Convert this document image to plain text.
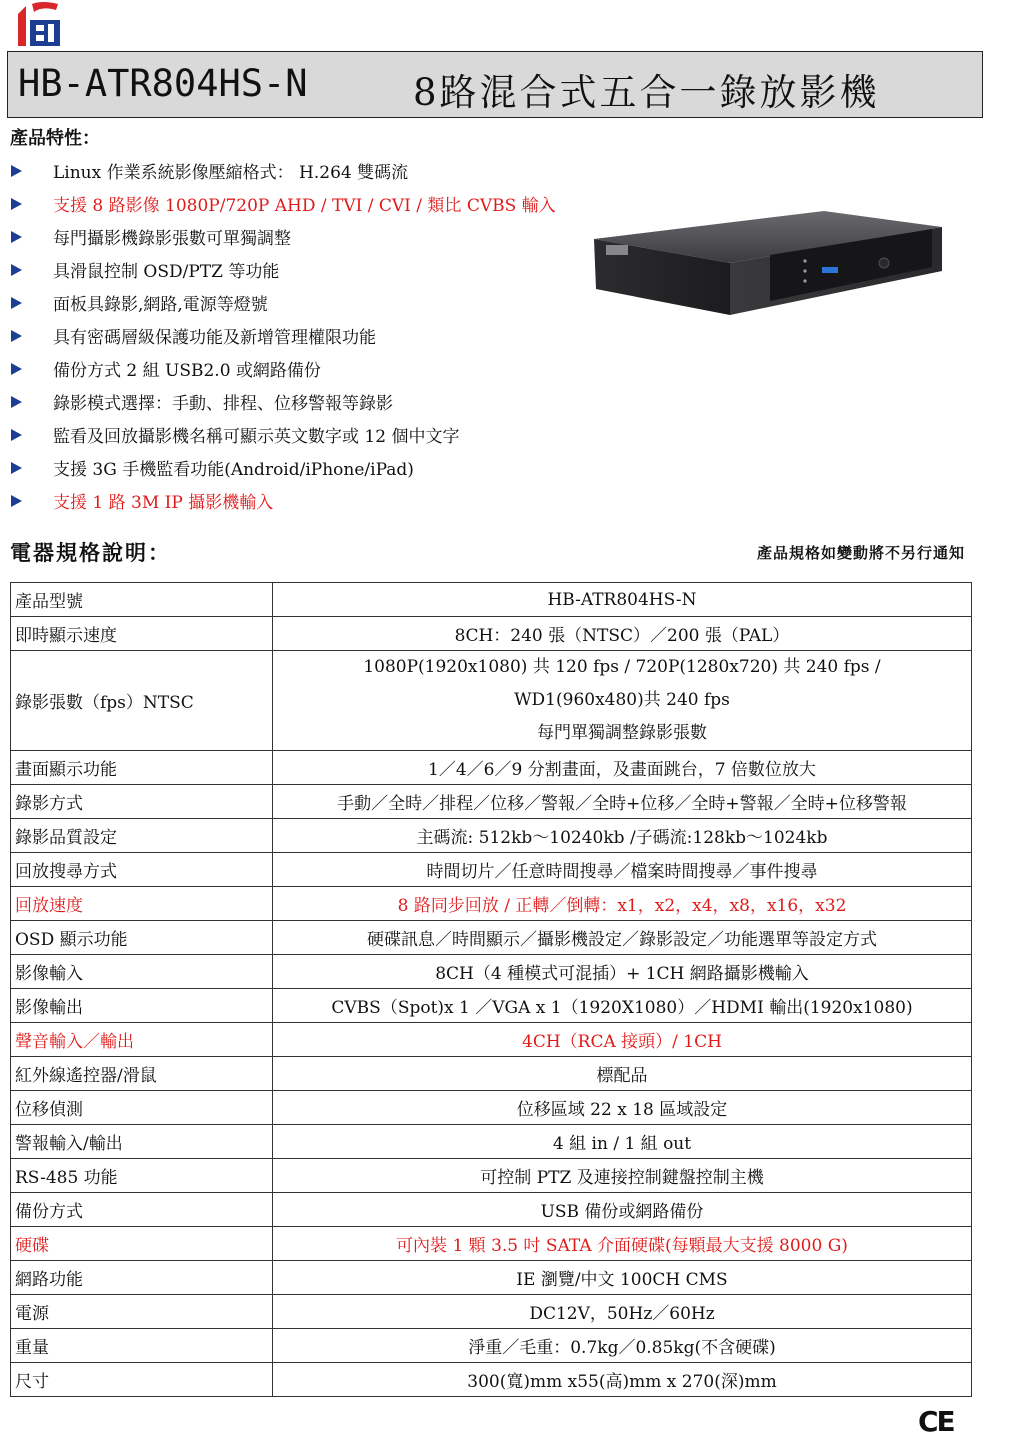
HB-ATR804HS-N	8路混合式五合一錄放影機
產品特性：
Linux 作業系統影像壓縮格式： H.264 雙碼流
支援 8 路影像 1080P/720P AHD / TVI / CVI / 類比 CVBS 輸入
每門攝影機錄影張數可單獨調整
具滑鼠控制 OSD/PTZ 等功能
面板具錄影,網路,電源等燈號
具有密碼層級保護功能及新增管理權限功能
備份方式 2 組 USB2.0 或網路備份
錄影模式選擇：手動、排程、位移警報等錄影
監看及回放攝影機名稱可顯示英文數字或 12 個中文字
支援 3G 手機監看功能(Android/iPhone/iPad)
支援 1 路 3M IP 攝影機輸入
電器規格說明：	產品規格如變動將不另行通知
產品型號	HB-ATR804HS-N
即時顯示速度	8CH：240 張（NTSC）／200 張（PAL）
錄影張數（fps）NTSC	1080P(1920x1080) 共 120 fps / 720P(1280x720) 共 240 fps /
WD1(960x480)共 240 fps
每門單獨調整錄影張數

畫面顯示功能	1／4／6／9 分割畫面，及畫面跳台，7 倍數位放大
錄影方式	手動／全時／排程／位移／警報／全時+位移／全時+警報／全時+位移警報
錄影品質設定	主碼流: 512kb～10240kb /子碼流:128kb～1024kb
回放搜尋方式	時間切片／任意時間搜尋／檔案時間搜尋／事件搜尋
回放速度	8 路同步回放 / 正轉／倒轉：x1，x2，x4，x8，x16，x32
OSD 顯示功能	硬碟訊息／時間顯示／攝影機設定／錄影設定／功能選單等設定方式
影像輸入	8CH（4 種模式可混插）+ 1CH 網路攝影機輸入
影像輸出	CVBS（Spot)x 1 ／VGA x 1（1920X1080）／HDMI 輸出(1920x1080)
聲音輸入／輸出	4CH（RCA 接頭）/ 1CH
紅外線遙控器/滑鼠	標配品
位移偵測	位移區域 22 x 18 區域設定
警報輸入/輸出	4 組 in / 1 組 out
RS-485 功能	可控制 PTZ 及連接控制鍵盤控制主機
備份方式	USB 備份或網路備份
硬碟	可內裝 1 顆 3.5 吋 SATA 介面硬碟(每顆最大支援 8000 G)
網路功能	IE 瀏覽/中文 100CH CMS
電源	DC12V，50Hz／60Hz
重量	淨重／毛重：0.7kg／0.85kg(不含硬碟)
尺寸	300(寬)mm x55(高)mm x 270(深)mm
CE
